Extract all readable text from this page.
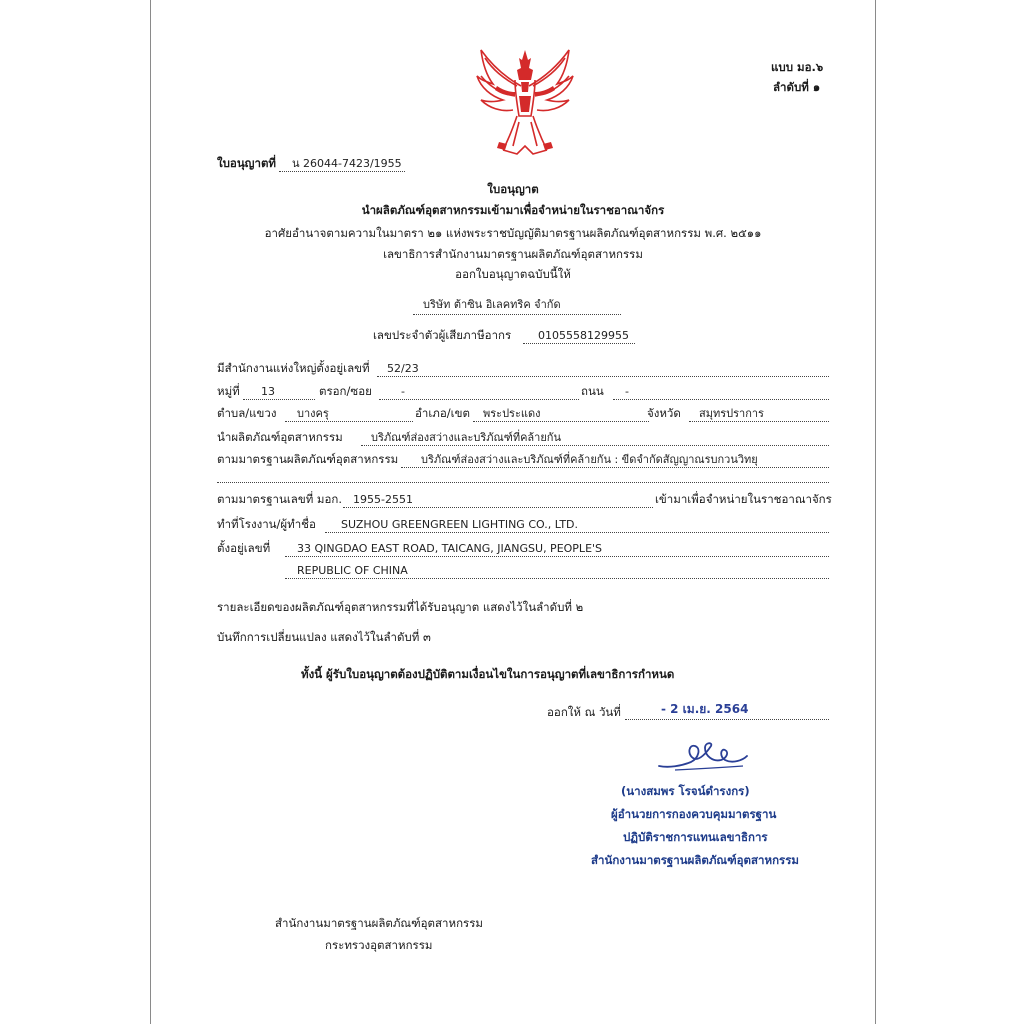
แบบ มอ.๖
ลำดับที่ ๑
ใบอนุญาตที่ น 26044-7423/1955
ใบอนุญาต
นำผลิตภัณฑ์อุตสาหกรรมเข้ามาเพื่อจำหน่ายในราชอาณาจักร
อาศัยอำนาจตามความในมาตรา ๒๑ แห่งพระราชบัญญัติมาตรฐานผลิตภัณฑ์อุตสาหกรรม พ.ศ. ๒๕๑๑
เลขาธิการสำนักงานมาตรฐานผลิตภัณฑ์อุตสาหกรรม
ออกใบอนุญาตฉบับนี้ให้
บริษัท ต้าซิน อิเลคทริค จำกัด
เลขประจำตัวผู้เสียภาษีอากร 0105558129955
มีสำนักงานแห่งใหญ่ตั้งอยู่เลขที่ 52/23
หมู่ที่ 13	ตรอก/ซอย	-	ถนน -
ตำบล/แขวง บางครุ	อำเภอ/เขต พระประแดง	จังหวัด สมุทรปราการ
นำผลิตภัณฑ์อุตสาหกรรม	บริภัณฑ์ส่องสว่างและบริภัณฑ์ที่คล้ายกัน
ตามมาตรฐานผลิตภัณฑ์อุตสาหกรรม บริภัณฑ์ส่องสว่างและบริภัณฑ์ที่คล้ายกัน : ขีดจำกัดสัญญาณรบกวนวิทยุ
ตามมาตรฐานเลขที่ มอก. 1955-2551	เข้ามาเพื่อจำหน่ายในราชอาณาจักร
ทำที่โรงงาน/ผู้ทำชื่อ SUZHOU GREENGREEN LIGHTING CO., LTD.
ตั้งอยู่เลขที่ 33 QINGDAO EAST ROAD, TAICANG, JIANGSU, PEOPLE'S
REPUBLIC OF CHINA
รายละเอียดของผลิตภัณฑ์อุตสาหกรรมที่ได้รับอนุญาต แสดงไว้ในลำดับที่ ๒
บันทึกการเปลี่ยนแปลง แสดงไว้ในลำดับที่ ๓
ทั้งนี้ ผู้รับใบอนุญาตต้องปฏิบัติตามเงื่อนไขในการอนุญาตที่เลขาธิการกำหนด
ออกให้ ณ วันที่	- 2 เม.ย. 2564
(นางสมพร โรจน์ดำรงกร)
ผู้อำนวยการกองควบคุมมาตรฐาน
ปฏิบัติราชการแทนเลขาธิการ
สำนักงานมาตรฐานผลิตภัณฑ์อุตสาหกรรม
สำนักงานมาตรฐานผลิตภัณฑ์อุตสาหกรรม
กระทรวงอุตสาหกรรม
